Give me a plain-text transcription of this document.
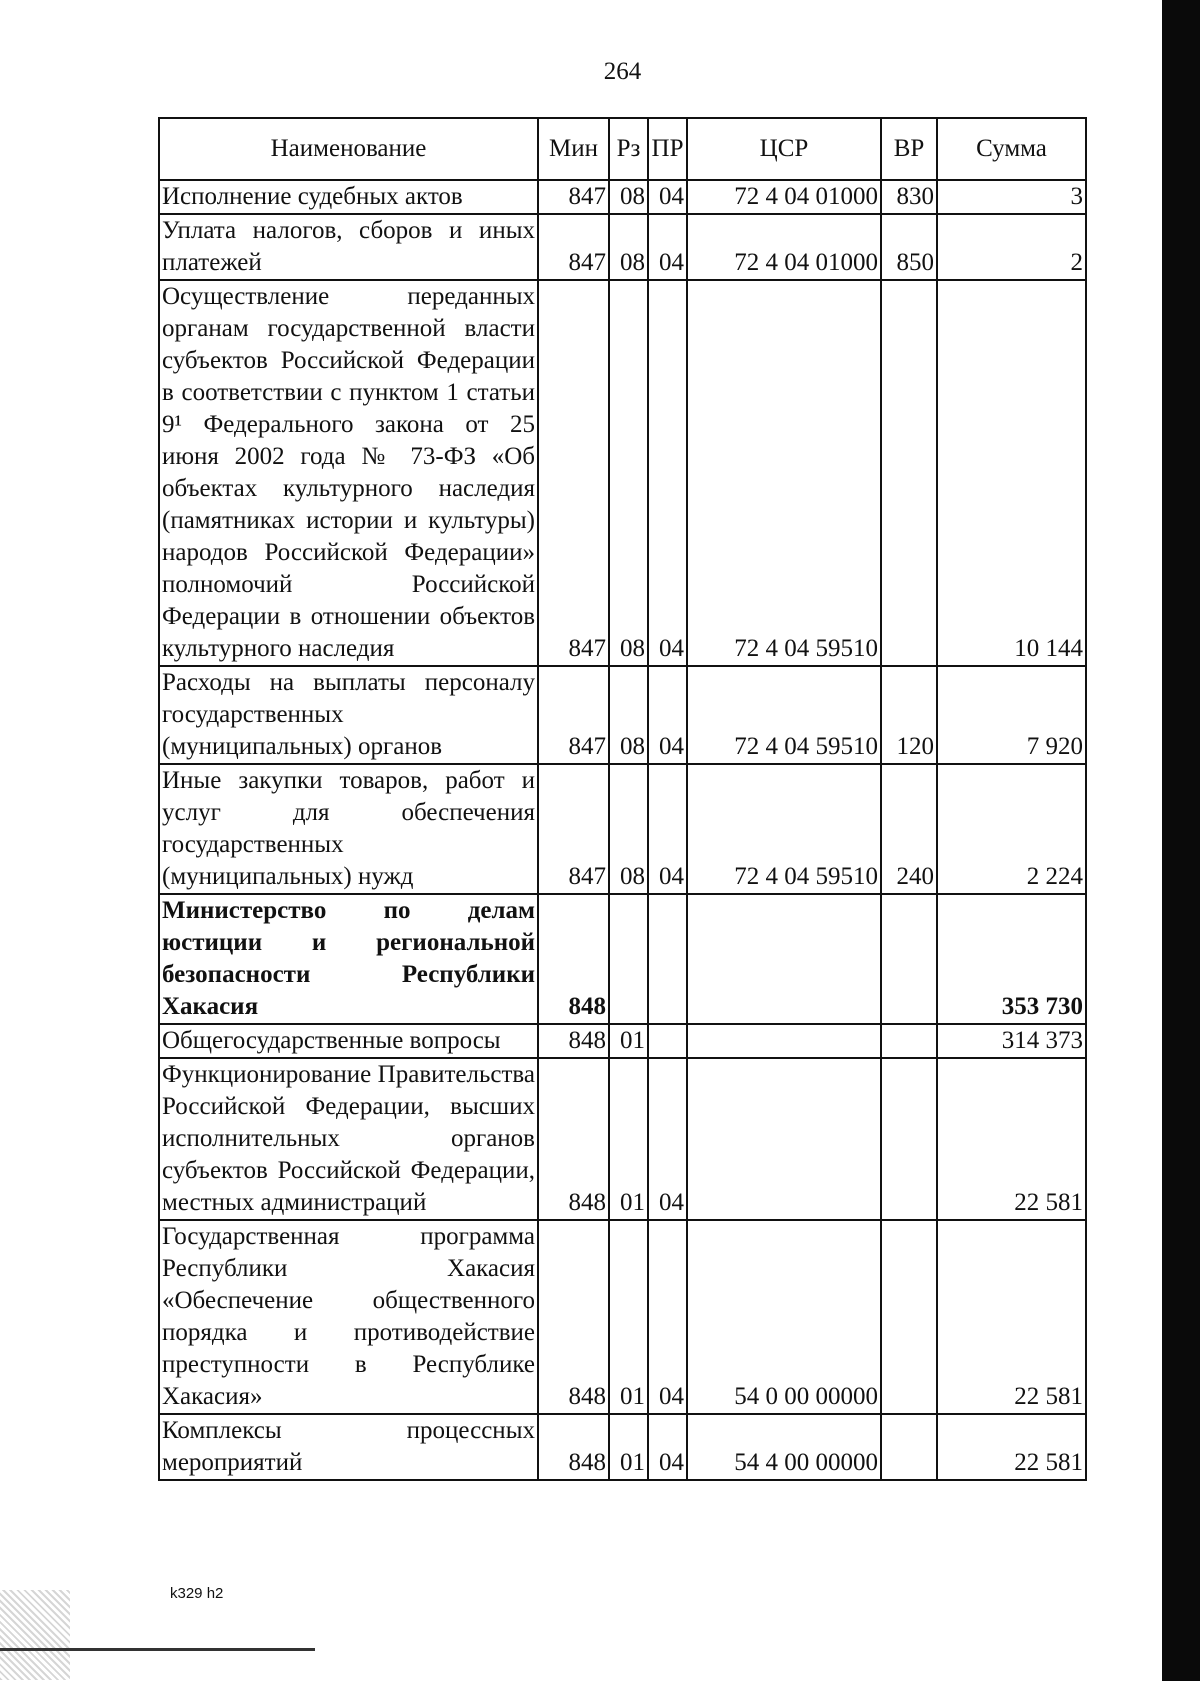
264
Наименование	Мин	Рз	ПР	ЦСР	ВР	Сумма
Исполнение судебных актов	847	08	04	72 4 04 01000	830	3
Уплата налогов, сборов и иных платежей	847	08	04	72 4 04 01000	850	2
Осуществление переданных органам государственной власти субъектов Российской Федерации в соответствии с пунктом 1 статьи 9¹ Федерального закона от 25 июня 2002 года № 73-ФЗ «Об объектах культурного наследия (памятниках истории и культуры) народов Российской Федерации» полномочий Российской Федерации в отношении объектов культурного наследия	847	08	04	72 4 04 59510		10 144
Расходы на выплаты персоналу государственных (муниципальных) органов	847	08	04	72 4 04 59510	120	7 920
Иные закупки товаров, работ и услуг для обеспечения государственных (муниципальных) нужд	847	08	04	72 4 04 59510	240	2 224
Министерство по делам юстиции и региональной безопасности Республики Хакасия	848					353 730
Общегосударственные вопросы	848	01				314 373
Функционирование Правительства Российской Федерации, высших исполнительных органов субъектов Российской Федерации, местных администраций	848	01	04			22 581
Государственная программа Республики Хакасия «Обеспечение общественного порядка и противодействие преступности в Республике Хакасия»	848	01	04	54 0 00 00000		22 581
Комплексы процессных мероприятий	848	01	04	54 4 00 00000		22 581
k329 h2
